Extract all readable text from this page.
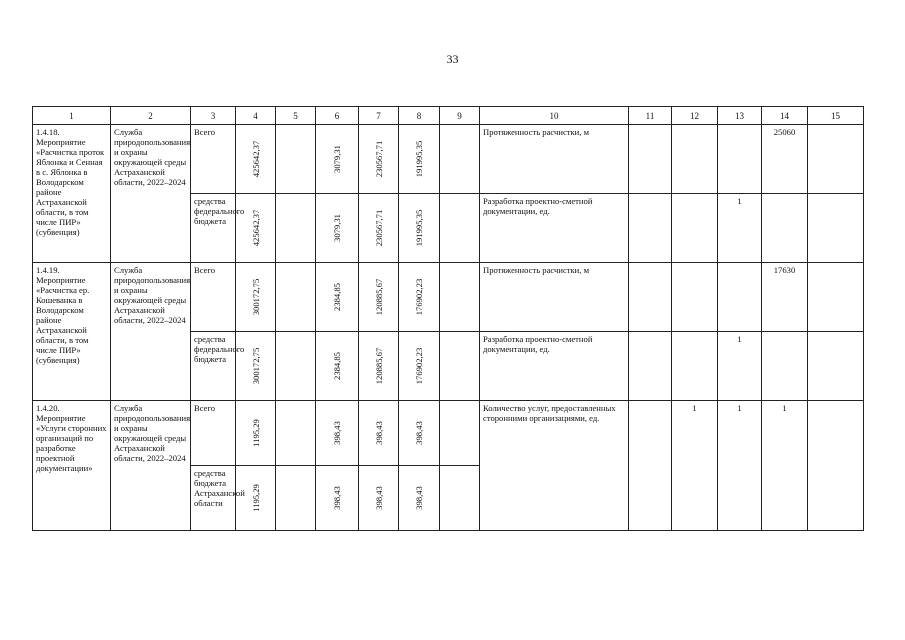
33
1	2	3	4	5	6	7	8	9	10	11	12	13	14	15
1.4.18. Мероприятие «Расчистка проток Яблонка и Сенная в с. Яблонка в Володарском районе Астраханской области, в том числе ПИР» (субвенция)	Служба природопользования и охраны окружающей среды Астраханской области, 2022–2024	Всего	425642,37		3079,31	230567,71	191995,35		Протяженность расчистки, м				25060	
		средства федерального бюджета	425642,37		3079,31	230567,71	191995,35		Разработка проектно-сметной документации, ед.			1		
1.4.19. Мероприятие «Расчистка ер. Кошеванка в Володарском районе Астраханской области, в том числе ПИР» (субвенция)	Служба природопользования и охраны окружающей среды Астраханской области, 2022–2024	Всего	300172,75		2384,85	120885,67	176902,23		Протяженность расчистки, м				17630	
		средства федерального бюджета	300172,75		2384,85	120885,67	176902,23		Разработка проектно-сметной документации, ед.			1		
1.4.20. Мероприятие «Услуги сторонних организаций по разработке проектной документации»	Служба природопользования и охраны окружающей среды Астраханской области, 2022–2024	Всего	1195,29		398,43	398,43	398,43		Количество услуг, предоставленных сторонними организациями, ед.		1	1	1	
		средства бюджета Астраханской области	1195,29		398,43	398,43	398,43							
